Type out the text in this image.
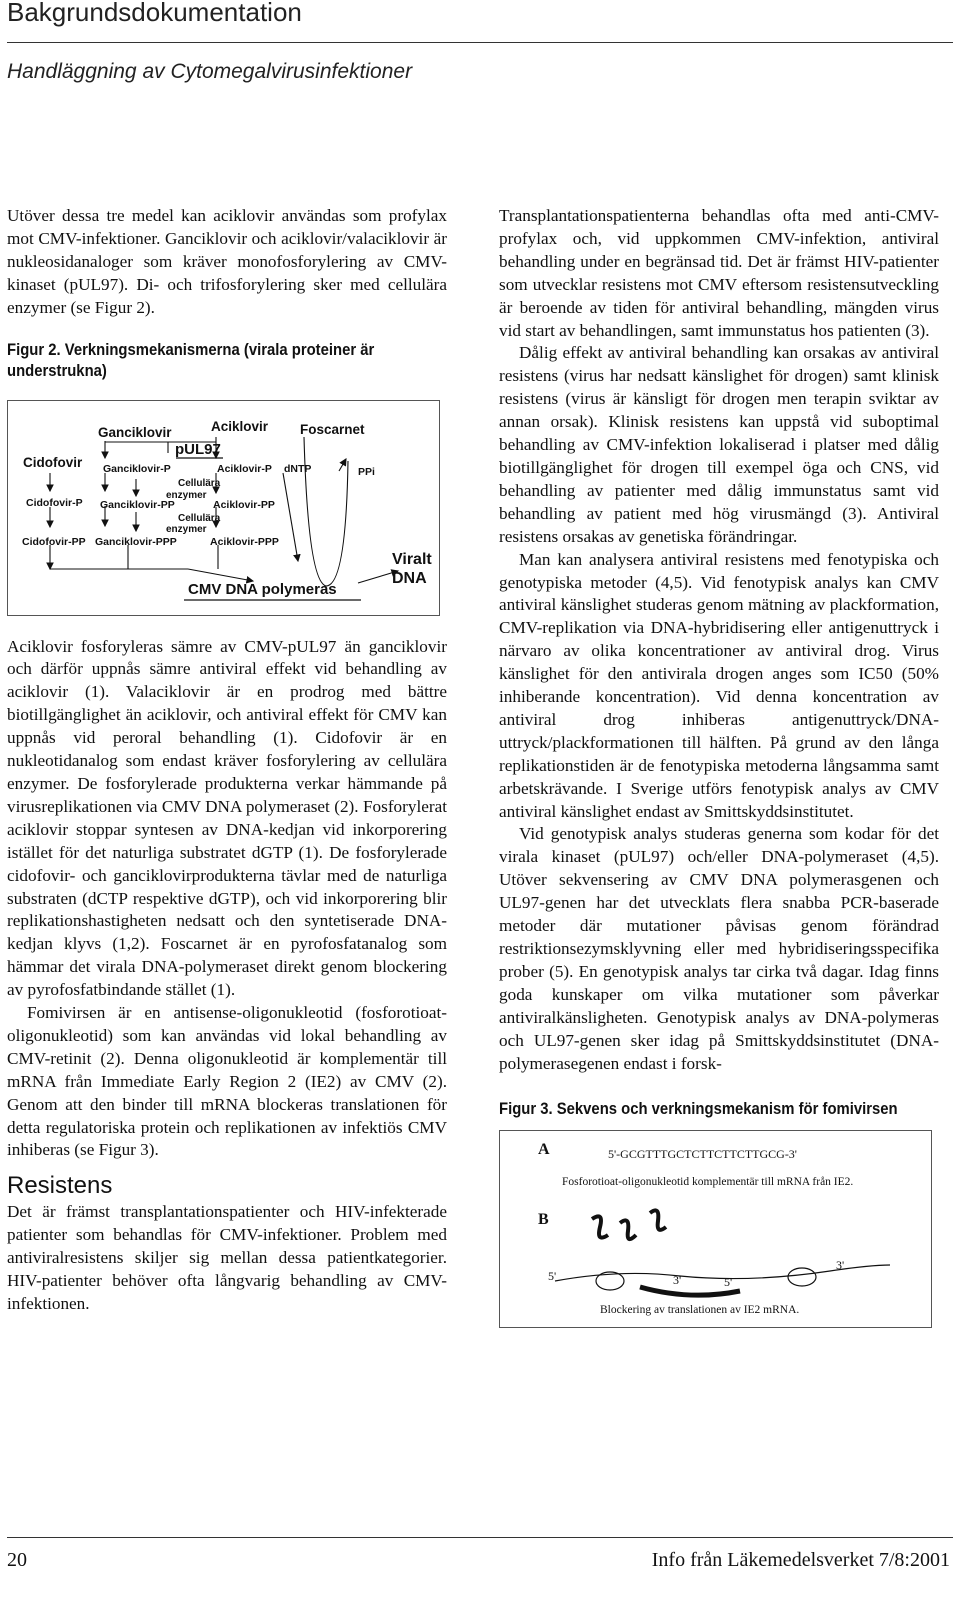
Bakgrundsdokumentation
Handläggning av Cytomegalvirusinfektioner

Utöver dessa tre medel kan aciklovir användas som profylax mot CMV-infektioner. Ganciklovir och aciklovir/valaciklovir är nukleosidanaloger som kräver monofosforylering av CMV-kinaset (pUL97). Di- och trifosforylering sker med cellulära enzymer (se Figur 2).

Figur 2. Verkningsmekanismerna (virala proteiner är understrukna)
Ganciklovir	Aciklovir Foscarnet
pUL97
Cidofovir Ganciklovir-P	Aciklovir-P dNTP	PPi
Cellulära
enzymer
Cidofovir-P Ganciklovir-PP	Aciklovir-PP
Cellulära
enzymer
Cidofovir-PP Ganciklovir-PPP	Aciklovir-PPP
Viralt
DNA
CMV DNA polymeras

Aciklovir fosforyleras sämre av CMV-pUL97 än ganciklovir och därför uppnås sämre antiviral effekt vid behandling av aciklovir (1). Valaciklovir är en prodrog med bättre biotillgänglighet än aciklovir, och antiviral effekt för CMV kan uppnås vid peroral behandling (1). Cidofovir är en nukleotidanalog som endast kräver fosforylering av cellulära enzymer. De fosforylerade produkterna verkar hämmande på virusreplikationen via CMV DNA polymeraset (2). Fosforylerat aciklovir stoppar syntesen av DNA-kedjan vid inkorporering istället för det naturliga substratet dGTP (1). De fosforylerade cidofovir- och ganciklovirprodukterna tävlar med de naturliga substraten (dCTP respektive dGTP), och vid inkorporering blir replikationshastigheten nedsatt och den syntetiserade DNA-kedjan klyvs (1,2). Foscarnet är en pyrofosfatanalog som hämmar det virala DNA-polymeraset direkt genom blockering av pyrofosfatbindande stället (1).

Fomivirsen är en antisense-oligonukleotid (fosforotioat-oligonukleotid) som kan användas vid lokal behandling av CMV-retinit (2). Denna oligonukleotid är komplementär till mRNA från Immediate Early Region 2 (IE2) av CMV (2). Genom att den binder till mRNA blockeras translationen för detta regulatoriska protein och replikationen av infektiös CMV inhiberas (se Figur 3).

Resistens

Det är främst transplantationspatienter och HIV-infekterade patienter som behandlas för CMV-infektioner. Problem med antiviralresistens skiljer sig mellan dessa patientkategorier. HIV-patienter behöver ofta långvarig behandling av CMV-infektionen.

Transplantationspatienterna behandlas ofta med anti-CMV-profylax och, vid uppkommen CMV-infektion, antiviral behandling under en begränsad tid. Det är främst HIV-patienter som utvecklar resistens mot CMV eftersom resistensutveckling är beroende av tiden för antiviral behandling, mängden virus vid start av behandlingen, samt immunstatus hos patienten (3).

Dålig effekt av antiviral behandling kan orsakas av antiviral resistens (virus har nedsatt känslighet för drogen) samt klinisk resistens (virus är känsligt för drogen men terapin sviktar av annan orsak). Klinisk resistens kan uppstå vid suboptimal behandling av CMV-infektion lokaliserad i platser med dålig biotillgänglighet för drogen till exempel öga och CNS, vid behandling av patienter med dålig immunstatus samt vid behandling av patient med hög virusmängd (3). Antiviral resistens orsakas av genetiska förändringar.

Man kan analysera antiviral resistens med fenotypiska och genotypiska metoder (4,5). Vid fenotypisk analys kan CMV antiviral känslighet studeras genom mätning av plackformation, CMV-replikation via DNA-hybridisering eller antigenuttryck i närvaro av olika koncentrationer av antiviral drog. Virus känslighet för den antivirala drogen anges som IC50 (50% inhiberande koncentration). Vid denna koncentration av antiviral drog inhiberas antigenuttryck/DNA-uttryck/plackformationen till hälften. På grund av den långa replikationstiden är de fenotypiska metoderna långsamma samt arbetskrävande. I Sverige utförs fenotypisk analys av CMV antiviral känslighet endast av Smittskyddsinstitutet.

Vid genotypisk analys studeras generna som kodar för det virala kinaset (pUL97) och/eller DNA-polymeraset (4,5). Utöver sekvensering av CMV DNA polymerasgenen och UL97-genen har det utvecklats flera snabba PCR-baserade metoder där mutationer påvisas genom förändrad restriktionsezymsklyvning eller med hybridiseringsspecifika prober (5). En genotypisk analys tar cirka två dagar. Idag finns goda kunskaper om vilka mutationer som påverkar antiviralkänsligheten. Genotypisk analys av DNA-polymeras och UL97-genen sker idag på Smittskyddsinstitutet (DNA-polymerasegenen endast i forsk-

Figur 3. Sekvens och verkningsmekanism för fomivirsen
A	5'-GCGTTTGCTCTTCTTCTTGCG-3'
Fosforotioat-oligonukleotid komplementär till mRNA från IE2.
B
5'
3'
3'	5'
Blockering av translationen av IE2 mRNA.
20	Info från Läkemedelsverket 7/8:2001
